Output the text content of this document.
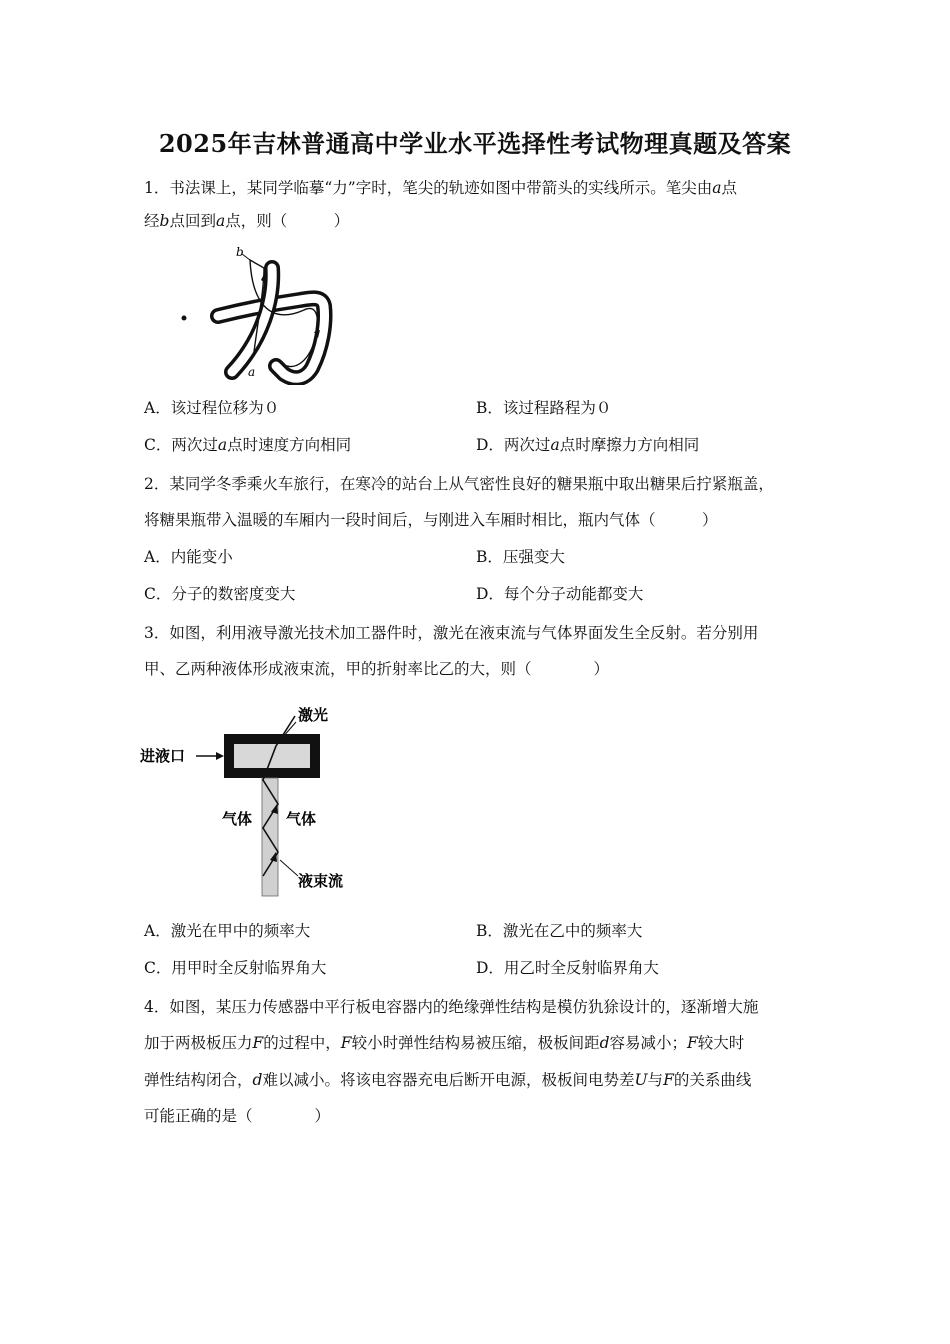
2025年吉林普通高中学业水平选择性考试物理真题及答案
1．书法课上，某同学临摹“力”字时，笔尖的轨迹如图中带箭头的实线所示。笔尖由a点
经b点回到a点，则（　　　）
b
a
A．该过程位移为０	B．该过程路程为０
C．两次过a点时速度方向相同	D．两次过a点时摩擦力方向相同
2．某同学冬季乘火车旅行，在寒冷的站台上从气密性良好的糖果瓶中取出糖果后拧紧瓶盖，
将糖果瓶带入温暖的车厢内一段时间后，与刚进入车厢时相比，瓶内气体（　　　）
A．内能变小	B．压强变大
C．分子的数密度变大	D．每个分子动能都变大
3．如图，利用液导激光技术加工器件时，激光在液束流与气体界面发生全反射。若分别用
甲、乙两种液体形成液束流，甲的折射率比乙的大，则（　　　　）
进液口
激光
气体 气体
液束流
A．激光在甲中的频率大	B．激光在乙中的频率大
C．用甲时全反射临界角大	D．用乙时全反射临界角大
4．如图，某压力传感器中平行板电容器内的绝缘弹性结构是模仿犰狳设计的，逐渐增大施
加于两极板压力F的过程中，F较小时弹性结构易被压缩，极板间距d容易减小；F较大时
弹性结构闭合，d难以减小。将该电容器充电后断开电源，极板间电势差U与F的关系曲线
可能正确的是（　　　　）
